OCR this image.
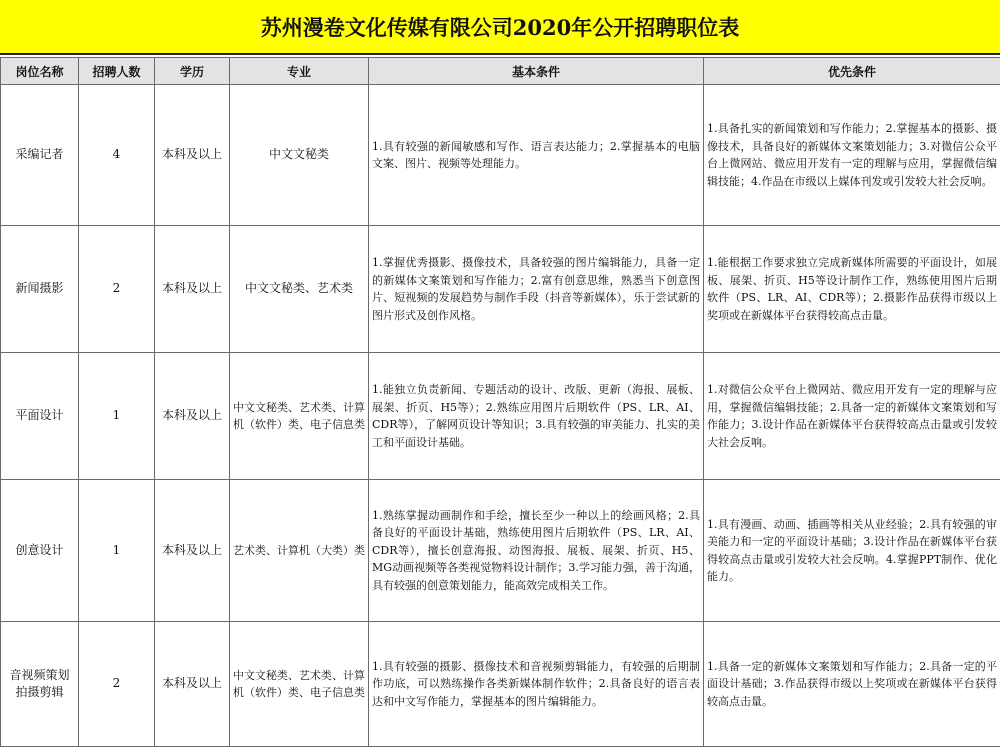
苏州漫卷文化传媒有限公司2020年公开招聘职位表
岗位名称	招聘人数	学历	专业	基本条件	优先条件
采编记者	4	本科及以上	中文文秘类	1.具有较强的新闻敏感和写作、语言表达能力；2.掌握基本的电脑文案、图片、视频等处理能力。	1.具备扎实的新闻策划和写作能力；2.掌握基本的摄影、摄像技术，具备良好的新媒体文案策划能力；3.对微信公众平台上微网站、微应用开发有一定的理解与应用，掌握微信编辑技能；4.作品在市级以上媒体刊发或引发较大社会反响。
新闻摄影	2	本科及以上	中文文秘类、艺术类	1.掌握优秀摄影、摄像技术，具备较强的图片编辑能力，具备一定的新媒体文案策划和写作能力；2.富有创意思维，熟悉当下创意图片、短视频的发展趋势与制作手段（抖音等新媒体），乐于尝试新的图片形式及创作风格。	1.能根据工作要求独立完成新媒体所需要的平面设计，如展板、展架、折页、H5等设计制作工作，熟练使用图片后期软件（PS、LR、AI、CDR等）；2.摄影作品获得市级以上奖项或在新媒体平台获得较高点击量。
平面设计	1	本科及以上	中文文秘类、艺术类、计算机（软件）类、电子信息类	1.能独立负责新闻、专题活动的设计、改版、更新（海报、展板、展架、折页、H5等）；2.熟练应用图片后期软件（PS、LR、AI、CDR等），了解网页设计等知识；3.具有较强的审美能力、扎实的美工和平面设计基础。	1.对微信公众平台上微网站、微应用开发有一定的理解与应用，掌握微信编辑技能；2.具备一定的新媒体文案策划和写作能力；3.设计作品在新媒体平台获得较高点击量或引发较大社会反响。
创意设计	1	本科及以上	艺术类、计算机（大类）类	1.熟练掌握动画制作和手绘，擅长至少一种以上的绘画风格；2.具备良好的平面设计基础，熟练使用图片后期软件（PS、LR、AI、CDR等），擅长创意海报、动图海报、展板、展架、折页、H5、MG动画视频等各类视觉物料设计制作；3.学习能力强，善于沟通，具有较强的创意策划能力，能高效完成相关工作。	1.具有漫画、动画、插画等相关从业经验；2.具有较强的审美能力和一定的平面设计基础；3.设计作品在新媒体平台获得较高点击量或引发较大社会反响。4.掌握PPT制作、优化能力。
音视频策划拍摄剪辑	2	本科及以上	中文文秘类、艺术类、计算机（软件）类、电子信息类	1.具有较强的摄影、摄像技术和音视频剪辑能力，有较强的后期制作功底，可以熟练操作各类新媒体制作软件；2.具备良好的语言表达和中文写作能力，掌握基本的图片编辑能力。	1.具备一定的新媒体文案策划和写作能力；2.具备一定的平面设计基础；3.作品获得市级以上奖项或在新媒体平台获得较高点击量。
